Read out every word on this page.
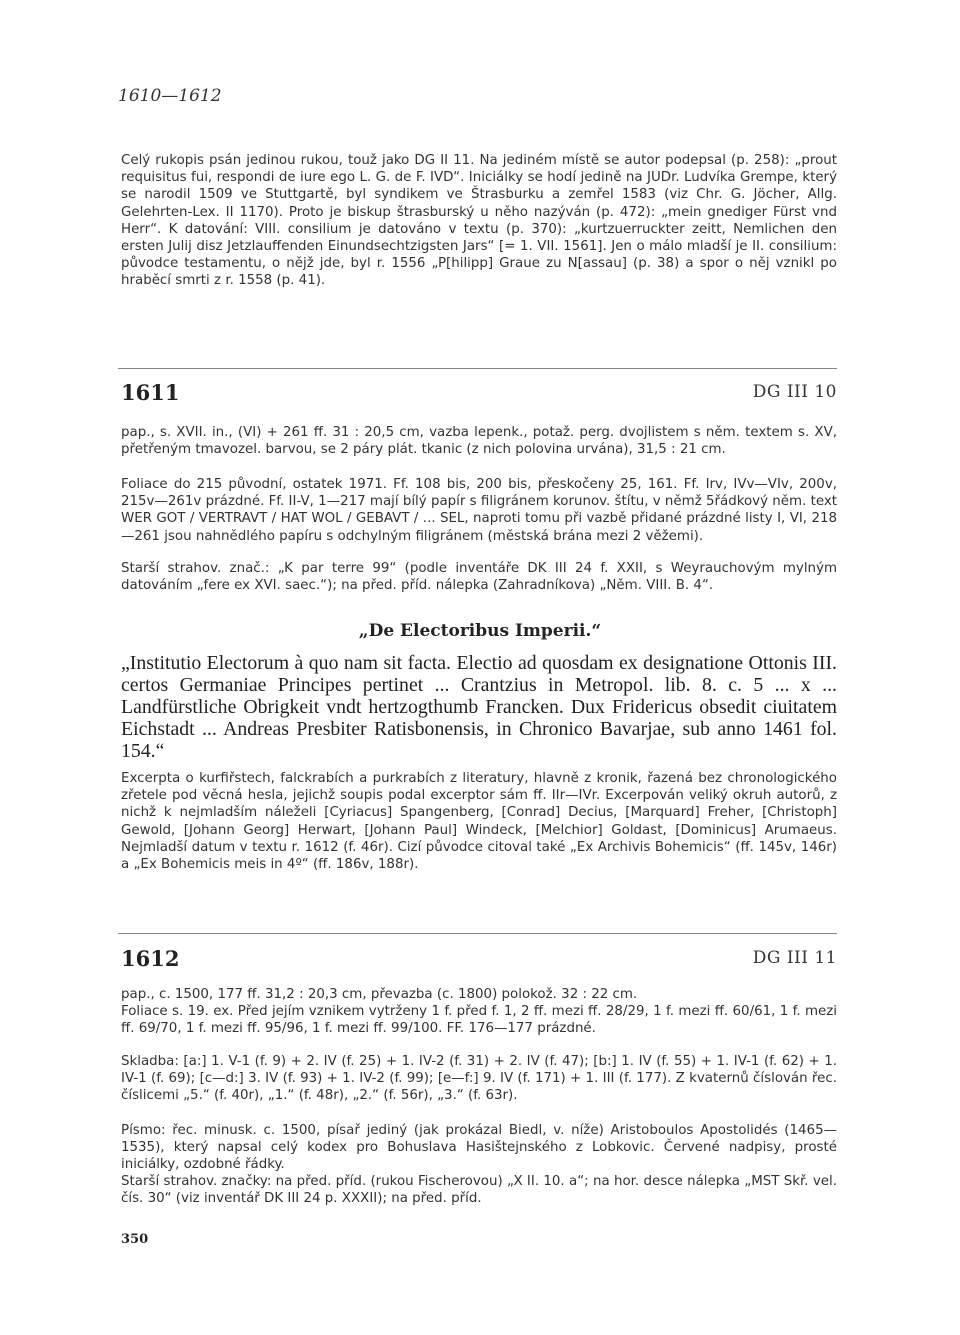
1610—1612

Celý rukopis psán jedinou rukou, touž jako DG II 11. Na jediném místě se autor podepsal (p. 258): „prout requisitus fui, respondi de iure ego L. G. de F. IVD“. Iniciálky se hodí jedině na JUDr. Ludvíka Grempe, který se narodil 1509 ve Stuttgartě, byl syndikem ve Štrasburku a zemřel 1583 (viz Chr. G. Jöcher, Allg. Gelehrten-Lex. II 1170). Proto je biskup štrasburský u něho nazýván (p. 472): „mein gnediger Fürst vnd Herr“. K datování: VIII. consilium je datováno v textu (p. 370): „kurtzuerruckter zeitt, Nemlichen den ersten Julij disz Jetzlauffenden Einundsechtzigsten Jars“ [= 1. VII. 1561]. Jen o málo mladší je II. consilium: původce testamentu, o nějž jde, byl r. 1556 „P[hilipp] Graue zu N[assau] (p. 38) a spor o něj vznikl po hraběcí smrti z r. 1558 (p. 41).

1611	DG III 10

pap., s. XVII. in., (VI) + 261 ff. 31 : 20,5 cm, vazba lepenk., potaž. perg. dvojlistem s něm. textem s. XV, přetřeným tmavozel. barvou, se 2 páry plát. tkanic (z nich polovina urvána), 31,5 : 21 cm.

Foliace do 215 původní, ostatek 1971. Ff. 108 bis, 200 bis, přeskočeny 25, 161. Ff. Irv, IVv—VIv, 200v, 215v—261v prázdné. Ff. II-V, 1—217 mají bílý papír s filigránem korunov. štítu, v němž 5řádkový něm. text WER GOT / VERTRAVT / HAT WOL / GEBAVT / ... SEL, naproti tomu při vazbě přidané prázdné listy I, VI, 218—261 jsou nahnědlého papíru s odchylným filigránem (městská brána mezi 2 věžemi).

Starší strahov. znač.: „K par terre 99“ (podle inventáře DK III 24 f. XXII, s Weyrauchovým mylným datováním „fere ex XVI. saec.“); na před. příd. nálepka (Zahradníkova) „Něm. VIII. B. 4“.

„De Electoribus Imperii.“

„Institutio Electorum à quo nam sit facta. Electio ad quosdam ex designatione Ottonis III. certos Germaniae Principes pertinet ... Crantzius in Metropol. lib. 8. c. 5 ... x ... Landfürstliche Obrigkeit vndt hertzogthumb Francken. Dux Fridericus obsedit ciuitatem Eichstadt ... Andreas Presbiter Ratisbonensis, in Chronico Bavarjae, sub anno 1461 fol. 154.“

Excerpta o kurfiřstech, falckrabích a purkrabích z literatury, hlavně z kronik, řazená bez chronologického zřetele pod věcná hesla, jejichž soupis podal excerptor sám ff. IIr—IVr. Excerpován veliký okruh autorů, z nichž k nejmladším náleželi [Cyriacus] Spangenberg, [Conrad] Decius, [Marquard] Freher, [Christoph] Gewold, [Johann Georg] Herwart, [Johann Paul] Windeck, [Melchior] Goldast, [Dominicus] Arumaeus. Nejmladší datum v textu r. 1612 (f. 46r). Cizí původce citoval také „Ex Archivis Bohemicis“ (ff. 145v, 146r) a „Ex Bohemicis meis in 4º“ (ff. 186v, 188r).

1612	DG III 11

pap., c. 1500, 177 ff. 31,2 : 20,3 cm, převazba (c. 1800) polokož. 32 : 22 cm.

Foliace s. 19. ex. Před jejím vznikem vytrženy 1 f. před f. 1, 2 ff. mezi ff. 28/29, 1 f. mezi ff. 60/61, 1 f. mezi ff. 69/70, 1 f. mezi ff. 95/96, 1 f. mezi ff. 99/100. FF. 176—177 prázdné.

Skladba: [a:] 1. V-1 (f. 9) + 2. IV (f. 25) + 1. IV-2 (f. 31) + 2. IV (f. 47); [b:] 1. IV (f. 55) + 1. IV-1 (f. 62) + 1. IV-1 (f. 69); [c—d:] 3. IV (f. 93) + 1. IV-2 (f. 99); [e—f:] 9. IV (f. 171) + 1. III (f. 177). Z kvaternů číslován řec. číslicemi „5.“ (f. 40r), „1.“ (f. 48r), „2.“ (f. 56r), „3.“ (f. 63r).

Písmo: řec. minusk. c. 1500, písař jediný (jak prokázal Biedl, v. níže) Aristoboulos Apostolidés (1465—1535), který napsal celý kodex pro Bohuslava Hasištejnského z Lobkovic. Červené nadpisy, prosté iniciálky, ozdobné řádky.

Starší strahov. značky: na před. příd. (rukou Fischerovou) „X II. 10. a“; na hor. desce nálepka „MST Skř. vel. čís. 30“ (viz inventář DK III 24 p. XXXII); na před. příd.

350
